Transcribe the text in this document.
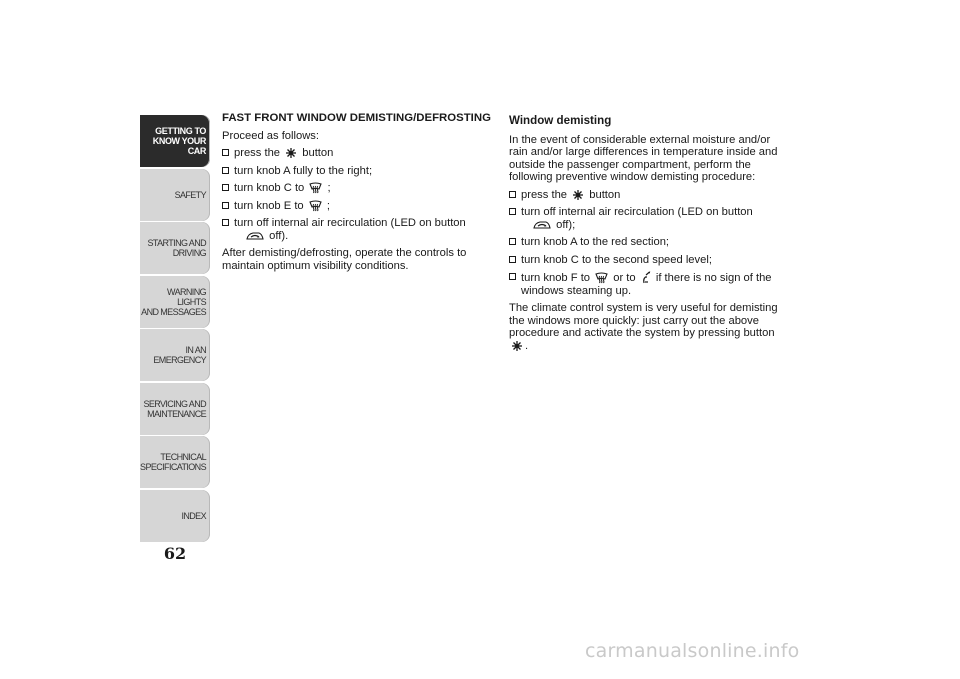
GETTING TO
KNOW YOUR CAR
SAFETY
STARTING AND
DRIVING
WARNING LIGHTS
AND MESSAGES
IN AN EMERGENCY
SERVICING AND
MAINTENANCE
TECHNICAL
SPECIFICATIONS
INDEX
62
FAST FRONT WINDOW DEMISTING/DEFROSTING

Proceed as follows:

press the button
turn knob A fully to the right;
turn knob C to ;
turn knob E to ;
turn off internal air recirculation (LED on button
off).

After demisting/defrosting, operate the controls to maintain optimum visibility conditions.

Window demisting

In the event of considerable external moisture and/or rain and/or large differences in temperature inside and outside the passenger compartment, perform the following preventive window demisting procedure:

press the button
turn off internal air recirculation (LED on button
off);
turn knob A to the red section;
turn knob C to the second speed level;
turn knob F to or to if there is no sign of the windows steaming up.

The climate control system is very useful for demisting the windows more quickly: just carry out the above procedure and activate the system by pressing button
.

carmanualsonline.info
